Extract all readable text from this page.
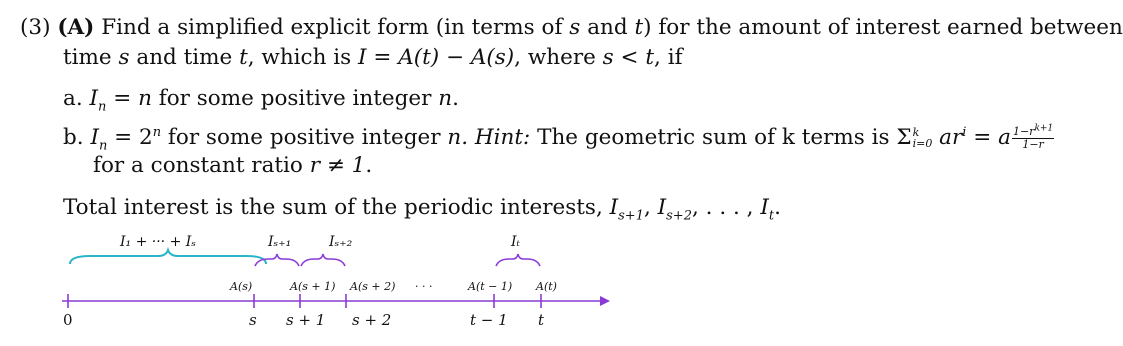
(3) (A) Find a simplified explicit form (in terms of s and t) for the amount of interest earned between
time s and time t, which is I = A(t) − A(s), where s < t, if
a. $I_n = n$ for some positive integer n.
b. $I_n = 2^n$ for some positive integer n. Hint: The geometric sum of k terms is Σ k
i=0 $ar^i = a \frac{1-r^{k+1}}{1-r}$
for a constant ratio r ≠ 1.
Total interest is the sum of the periodic interests, $I_{s+1}$, $I_{s+2}$, . . . , $I_t$.
I₁ + ··· + Iₛ	Iₛ₊₁	Iₛ₊₂	Iₜ
A(s)	A(s + 1) A(s + 2) · · ·	A(t − 1) A(t)
0	s s + 1 s + 2	t − 1 t
